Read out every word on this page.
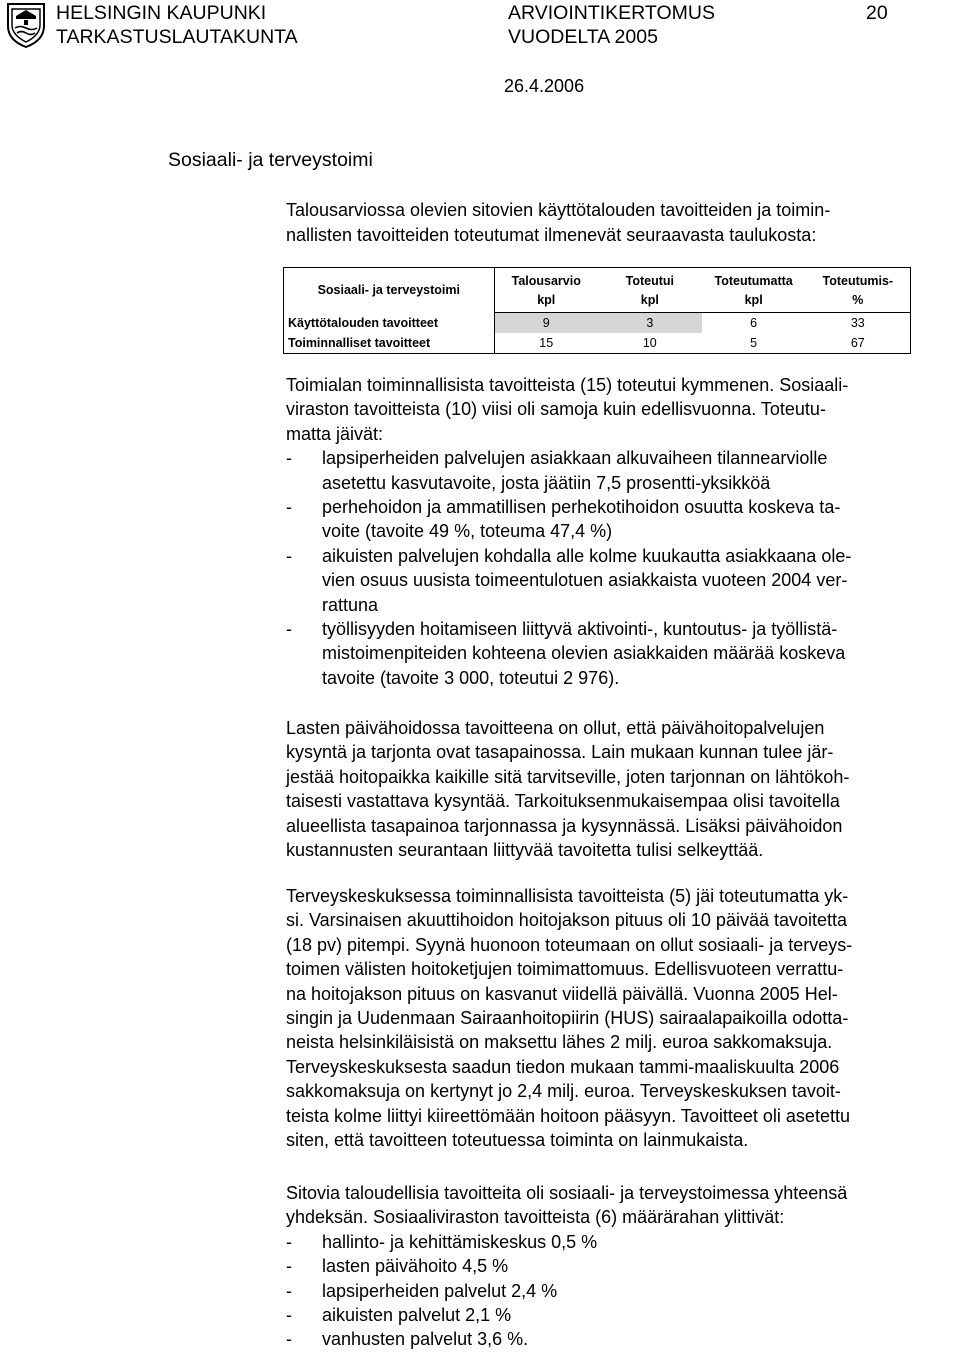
HELSINGIN KAUPUNKI
TARKASTUSLAUTAKUNTA
ARVIOINTIKERTOMUS
VUODELTA 2005
20
26.4.2006
Sosiaali- ja terveystoimi
Talousarviossa olevien sitovien käyttötalouden tavoitteiden ja toimin-
nallisten tavoitteiden toteutumat ilmenevät seuraavasta taulukosta:
Sosiaali- ja terveystoimi	Talousarvio	Toteutui	Toteutumatta	Toteutumis-
	kpl	kpl	kpl	%
Käyttötalouden tavoitteet	9	3	6	33
Toiminnalliset tavoitteet	15	10	5	67
Toimialan toiminnallisista tavoitteista (15) toteutui kymmenen. Sosiaali-
viraston tavoitteista (10) viisi oli samoja kuin edellisvuonna. Toteutu-
matta jäivät:
-	lapsiperheiden palvelujen asiakkaan alkuvaiheen tilannearviolle
asetettu kasvutavoite, josta jäätiin 7,5 prosentti-yksikköä
-	perhehoidon ja ammatillisen perhekotihoidon osuutta koskeva ta-
voite (tavoite 49 %, toteuma 47,4 %)
-	aikuisten palvelujen kohdalla alle kolme kuukautta asiakkaana ole-
vien osuus uusista toimeentulotuen asiakkaista vuoteen 2004 ver-
rattuna
-	työllisyyden hoitamiseen liittyvä aktivointi-, kuntoutus- ja työllistä-
mistoimenpiteiden kohteena olevien asiakkaiden määrää koskeva
tavoite (tavoite 3 000, toteutui 2 976).
Lasten päivähoidossa tavoitteena on ollut, että päivähoitopalvelujen
kysyntä ja tarjonta ovat tasapainossa. Lain mukaan kunnan tulee jär-
jestää hoitopaikka kaikille sitä tarvitseville, joten tarjonnan on lähtökoh-
taisesti vastattava kysyntää. Tarkoituksenmukaisempaa olisi tavoitella
alueellista tasapainoa tarjonnassa ja kysynnässä. Lisäksi päivähoidon
kustannusten seurantaan liittyvää tavoitetta tulisi selkeyttää.
Terveyskeskuksessa toiminnallisista tavoitteista (5) jäi toteutumatta yk-
si. Varsinaisen akuuttihoidon hoitojakson pituus oli 10 päivää tavoitetta
(18 pv) pitempi. Syynä huonoon toteumaan on ollut sosiaali- ja terveys-
toimen välisten hoitoketjujen toimimattomuus. Edellisvuoteen verrattu-
na hoitojakson pituus on kasvanut viidellä päivällä. Vuonna 2005 Hel-
singin ja Uudenmaan Sairaanhoitopiirin (HUS) sairaalapaikoilla odotta-
neista helsinkiläisistä on maksettu lähes 2 milj. euroa sakkomaksuja.
Terveyskeskuksesta saadun tiedon mukaan tammi-maaliskuulta 2006
sakkomaksuja on kertynyt jo 2,4 milj. euroa. Terveyskeskuksen tavoit-
teista kolme liittyi kiireettömään hoitoon pääsyyn. Tavoitteet oli asetettu
siten, että tavoitteen toteutuessa toiminta on lainmukaista.
Sitovia taloudellisia tavoitteita oli sosiaali- ja terveystoimessa yhteensä
yhdeksän. Sosiaaliviraston tavoitteista (6) määrärahan ylittivät:
-	hallinto- ja kehittämiskeskus 0,5 %
-	lasten päivähoito 4,5 %
-	lapsiperheiden palvelut 2,4 %
-	aikuisten palvelut 2,1 %
-	vanhusten palvelut 3,6 %.
